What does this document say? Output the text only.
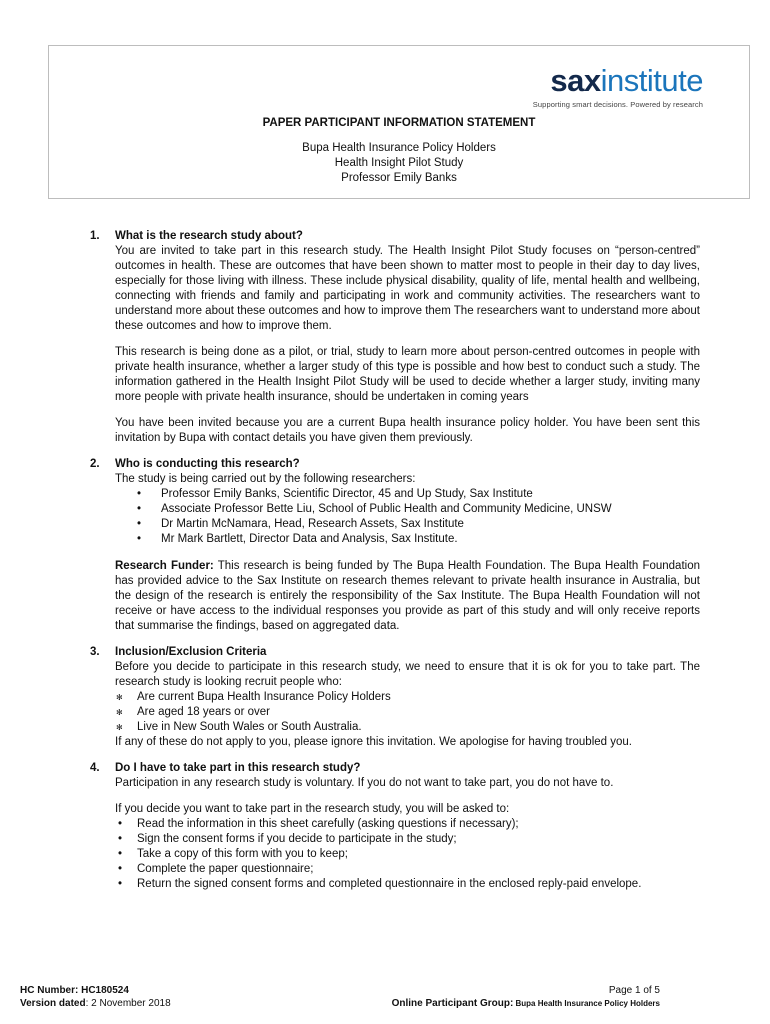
saxinstitute
Supporting smart decisions. Powered by research
PAPER PARTICIPANT INFORMATION STATEMENT
Bupa Health Insurance Policy Holders
Health Insight Pilot Study
Professor Emily Banks
1. What is the research study about?

You are invited to take part in this research study. The Health Insight Pilot Study focuses on “person-centred” outcomes in health. These are outcomes that have been shown to matter most to people in their day to day lives, especially for those living with illness. These include physical disability, quality of life, mental health and wellbeing, connecting with friends and family and participating in work and community activities. The researchers want to understand more about these outcomes and how to improve them The researchers want to understand more about these outcomes and how to improve them.

This research is being done as a pilot, or trial, study to learn more about person-centred outcomes in people with private health insurance, whether a larger study of this type is possible and how best to conduct such a study. The information gathered in the Health Insight Pilot Study will be used to decide whether a larger study, inviting many more people with private health insurance, should be undertaken in coming years

You have been invited because you are a current Bupa health insurance policy holder. You have been sent this invitation by Bupa with contact details you have given them previously.

2. Who is conducting this research?
The study is being carried out by the following researchers:
• Professor Emily Banks, Scientific Director, 45 and Up Study, Sax Institute
• Associate Professor Bette Liu, School of Public Health and Community Medicine, UNSW
• Dr Martin McNamara, Head, Research Assets, Sax Institute
• Mr Mark Bartlett, Director Data and Analysis, Sax Institute.

Research Funder: This research is being funded by The Bupa Health Foundation. The Bupa Health Foundation has provided advice to the Sax Institute on research themes relevant to private health insurance in Australia, but the design of the research is entirely the responsibility of the Sax Institute. The Bupa Health Foundation will not receive or have access to the individual responses you provide as part of this study and will only receive reports that summarise the findings, based on aggregated data.

3. Inclusion/Exclusion Criteria
Before you decide to participate in this research study, we need to ensure that it is ok for you to take part. The research study is looking recruit people who:
✻ Are current Bupa Health Insurance Policy Holders
✻ Are aged 18 years or over
✻ Live in New South Wales or South Australia.

If any of these do not apply to you, please ignore this invitation. We apologise for having troubled you.

4. Do I have to take part in this research study?

Participation in any research study is voluntary. If you do not want to take part, you do not have to.

If you decide you want to take part in the research study, you will be asked to:
• Read the information in this sheet carefully (asking questions if necessary);
• Sign the consent forms if you decide to participate in the study;
• Take a copy of this form with you to keep;
• Complete the paper questionnaire;
• Return the signed consent forms and completed questionnaire in the enclosed reply-paid envelope.
HC Number: HC180524
Version dated: 2 November 2018
Page 1 of 5
Online Participant Group: Bupa Health Insurance Policy Holders
